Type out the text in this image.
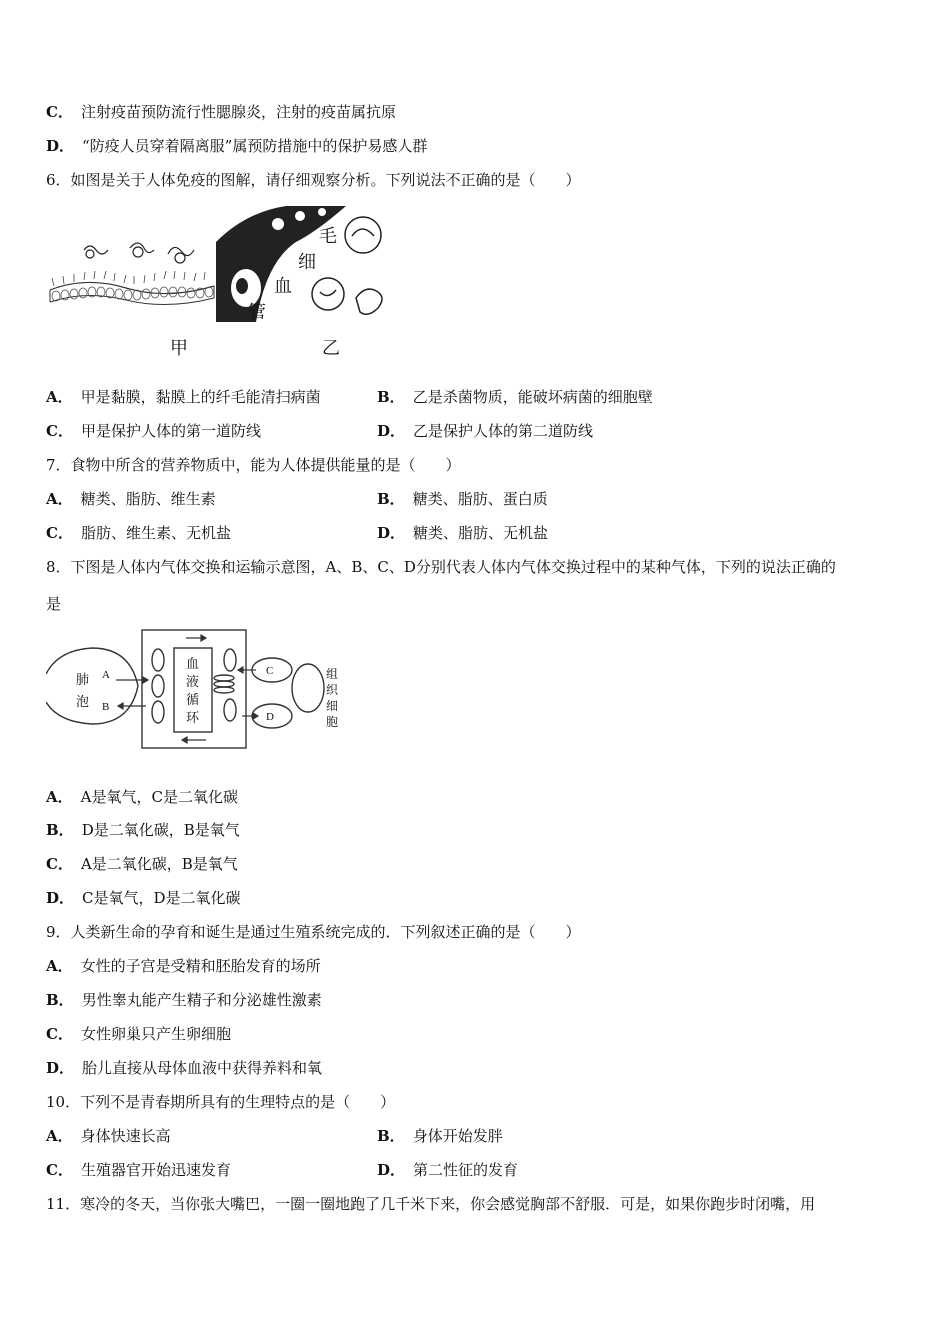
C． 注射疫苗预防流行性腮腺炎，注射的疫苗属抗原
D． “防疫人员穿着隔离服”属预防措施中的保护易感人群
6．如图是关于人体免疫的图解，请仔细观察分析。下列说法不正确的是（　　）
毛
细
血
管
甲	乙
A． 甲是黏膜，黏膜上的纤毛能清扫病菌	B． 乙是杀菌物质，能破坏病菌的细胞壁
C． 甲是保护人体的第一道防线	D． 乙是保护人体的第二道防线
7．食物中所含的营养物质中，能为人体提供能量的是（　　）
A． 糖类、脂肪、维生素	B． 糖类、脂肪、蛋白质
C． 脂肪、维生素、无机盐	D． 糖类、脂肪、无机盐
8．下图是人体内气体交换和运输示意图，A、B、C、D分别代表人体内气体交换过程中的某种气体，下列的说法正确的
是
肺
泡
A
B
血
液
循
环
C
D
组
织
细
胞
A． A是氧气，C是二氧化碳
B． D是二氧化碳，B是氧气
C． A是二氧化碳，B是氧气
D． C是氧气，D是二氧化碳
9．人类新生命的孕育和诞生是通过生殖系统完成的．下列叙述正确的是（　　）
A． 女性的子宫是受精和胚胎发育的场所
B． 男性睾丸能产生精子和分泌雄性激素
C． 女性卵巢只产生卵细胞
D． 胎儿直接从母体血液中获得养料和氧
10．下列不是青春期所具有的生理特点的是（　　）
A． 身体快速长高	B． 身体开始发胖
C． 生殖器官开始迅速发育	D． 第二性征的发育
11．寒冷的冬天，当你张大嘴巴，一圈一圈地跑了几千米下来，你会感觉胸部不舒服．可是，如果你跑步时闭嘴，用
